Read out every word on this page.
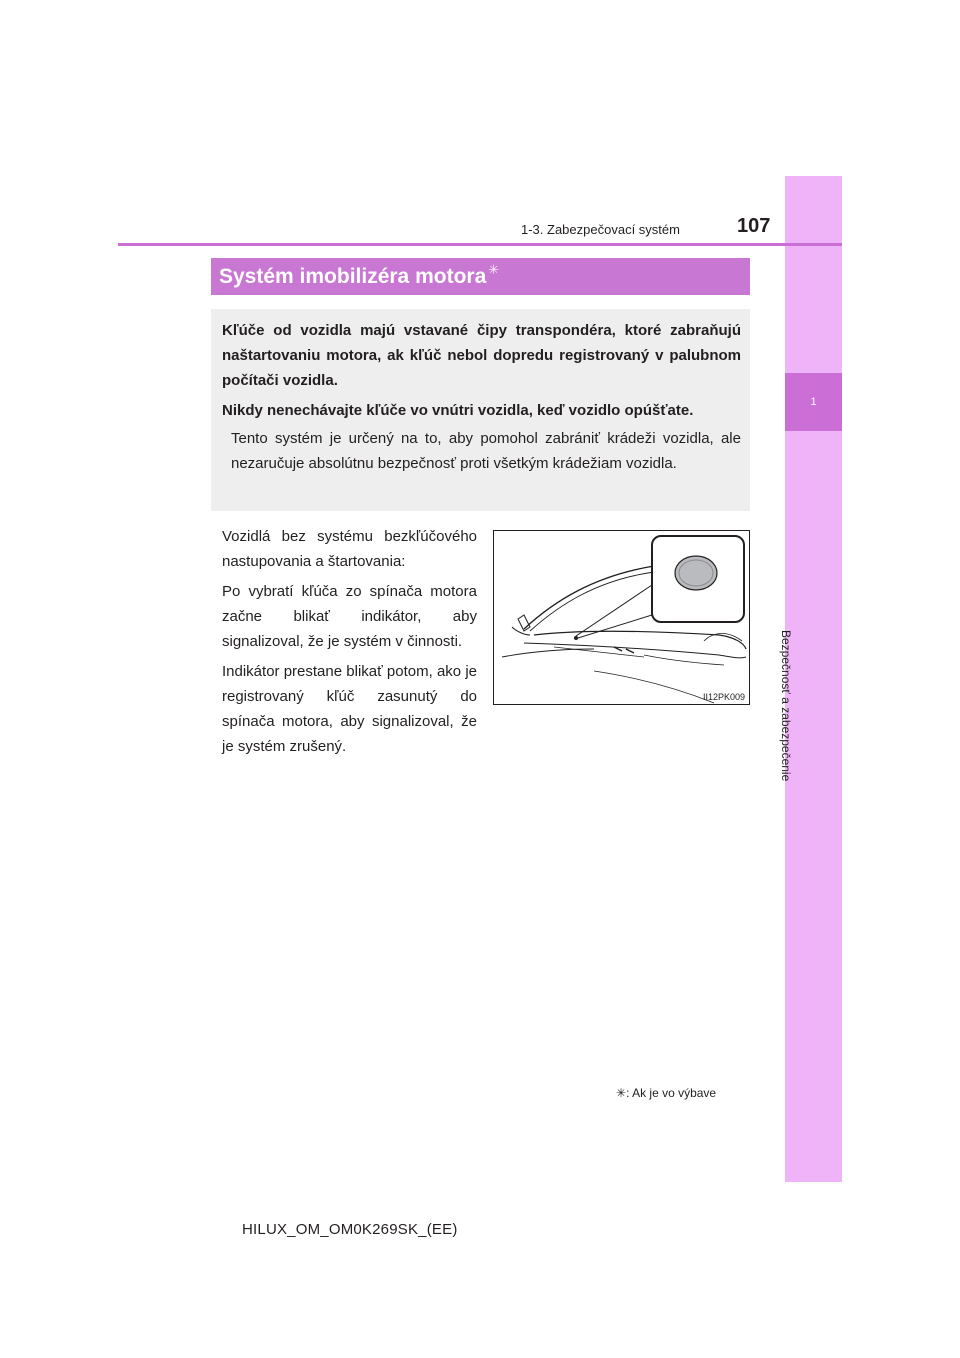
1
Bezpečnosť a zabezpečenie
1-3. Zabezpečovací systém	107
Systém imobilizéra motora ✳

Kľúče od vozidla majú vstavané čipy transpondéra, ktoré zabraňujú naštartovaniu motora, ak kľúč nebol dopredu registrovaný v palubnom počítači vozidla.

Nikdy nenechávajte kľúče vo vnútri vozidla, keď vozidlo opúšťate.

Tento systém je určený na to, aby pomohol zabrániť krádeži vozidla, ale nezaručuje absolútnu bezpečnosť proti všetkým krádežiam vozidla.

Vozidlá bez systému bezkľúčového nastupovania a štartovania:

Po vybratí kľúča zo spínača motora začne blikať indikátor, aby signalizoval, že je systém v činnosti.

Indikátor prestane blikať potom, ako je registrovaný kľúč zasunutý do spínača motora, aby signalizoval, že je systém zrušený.

II12PK009
✳: Ak je vo výbave
HILUX_OM_OM0K269SK_(EE)
